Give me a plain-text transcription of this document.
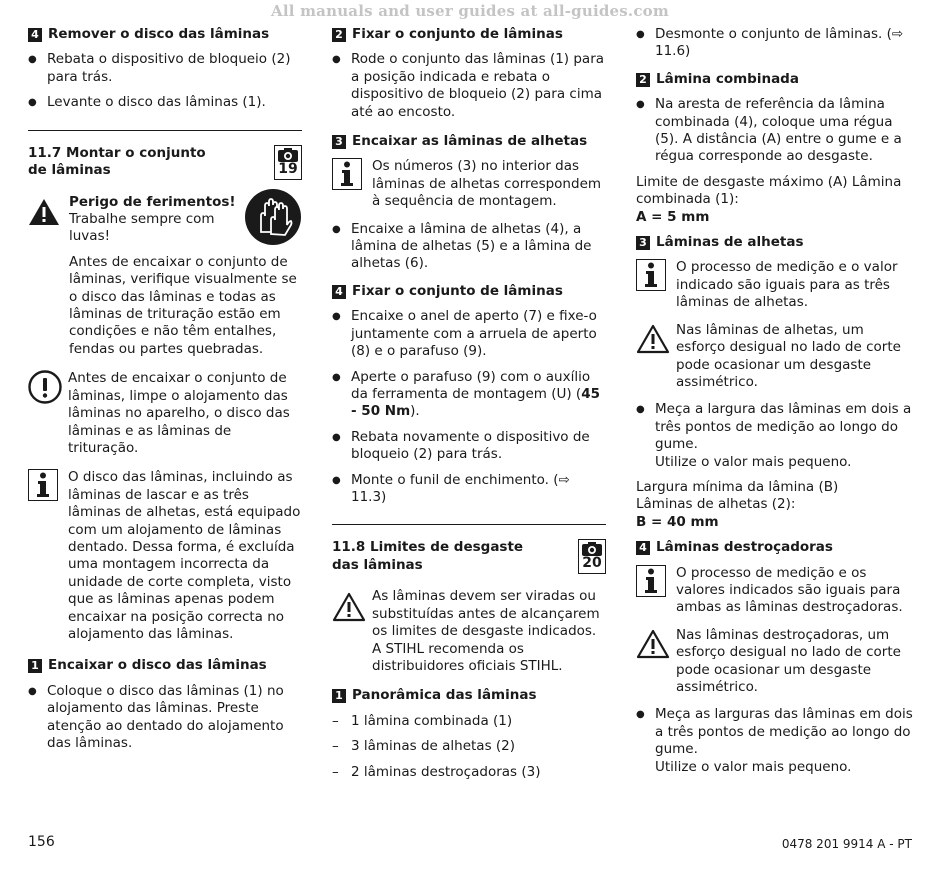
All manuals and user guides at all-guides.com
4 Remover o disco das lâminas
● Rebata o dispositivo de bloqueio (2) para trás.
● Levante o disco das lâminas (1).
11.7 Montar o conjunto de lâminas	19
Perigo de ferimentos!
Trabalhe sempre com luvas!

Antes de encaixar o conjunto de lâminas, verifique visualmente se o disco das lâminas e todas as lâminas de trituração estão em condições e não têm entalhes, fendas ou partes quebradas.

Antes de encaixar o conjunto de lâminas, limpe o alojamento das lâminas no aparelho, o disco das lâminas e as lâminas de trituração.
O disco das lâminas, incluindo as lâminas de lascar e as três lâminas de alhetas, está equipado com um alojamento de lâminas dentado. Dessa forma, é excluída uma montagem incorrecta da unidade de corte completa, visto que as lâminas apenas podem encaixar na posição correcta no alojamento das lâminas.
1 Encaixar o disco das lâminas
● Coloque o disco das lâminas (1) no alojamento das lâminas. Preste atenção ao dentado do alojamento das lâminas.
2 Fixar o conjunto de lâminas
● Rode o conjunto das lâminas (1) para a posição indicada e rebata o dispositivo de bloqueio (2) para cima até ao encosto.
3 Encaixar as lâminas de alhetas
Os números (3) no interior das lâminas de alhetas correspondem à sequência de montagem.
● Encaixe a lâmina de alhetas (4), a lâmina de alhetas (5) e a lâmina de alhetas (6).
4 Fixar o conjunto de lâminas
● Encaixe o anel de aperto (7) e fixe-o juntamente com a arruela de aperto (8) e o parafuso (9).
● Aperte o parafuso (9) com o auxílio da ferramenta de montagem (U) (45 - 50 Nm).
● Rebata novamente o dispositivo de bloqueio (2) para trás.
● Monte o funil de enchimento. (⇨ 11.3)
11.8 Limites de desgaste das lâminas	20
As lâminas devem ser viradas ou substituídas antes de alcançarem os limites de desgaste indicados. A STIHL recomenda os distribuidores oficiais STIHL.
1 Panorâmica das lâminas
– 1 lâmina combinada (1)
– 3 lâminas de alhetas (2)
– 2 lâminas destroçadoras (3)
● Desmonte o conjunto de lâminas. (⇨ 11.6)
2 Lâmina combinada
● Na aresta de referência da lâmina combinada (4), coloque uma régua (5). A distância (A) entre o gume e a régua corresponde ao desgaste.

Limite de desgaste máximo (A) Lâmina combinada (1):

A = 5 mm

3 Lâminas de alhetas
O processo de medição e o valor indicado são iguais para as três lâminas de alhetas.
Nas lâminas de alhetas, um esforço desigual no lado de corte pode ocasionar um desgaste assimétrico.
● Meça a largura das lâminas em dois a três pontos de medição ao longo do gume.
Utilize o valor mais pequeno.

Largura mínima da lâmina (B)

Lâminas de alhetas (2):

B = 40 mm

4 Lâminas destroçadoras
O processo de medição e os valores indicados são iguais para ambas as lâminas destroçadoras.
Nas lâminas destroçadoras, um esforço desigual no lado de corte pode ocasionar um desgaste assimétrico.
● Meça as larguras das lâminas em dois a três pontos de medição ao longo do gume.
Utilize o valor mais pequeno.
156	0478 201 9914 A - PT
